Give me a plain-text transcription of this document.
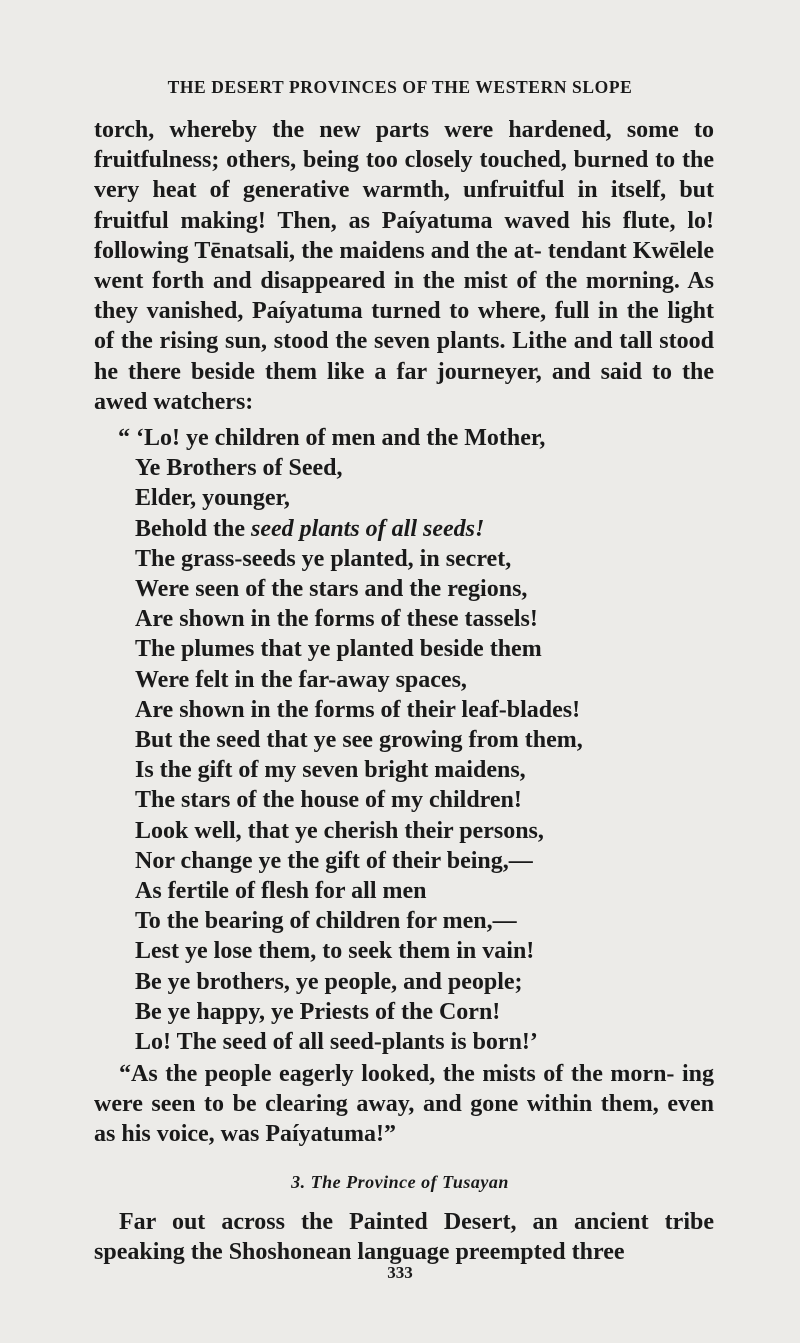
THE DESERT PROVINCES OF THE WESTERN SLOPE

torch, whereby the new parts were hardened, some to fruitfulness; others, being too closely touched, burned to the very heat of generative warmth, unfruitful in itself, but fruitful making! Then, as Paíyatuma waved his flute, lo! following Tēnatsali, the maidens and the at- tendant Kwēlele went forth and disappeared in the mist of the morning. As they vanished, Paíyatuma turned to where, full in the light of the rising sun, stood the seven plants. Lithe and tall stood he there beside them like a far journeyer, and said to the awed watchers:

“ ‘Lo! ye children of men and the Mother,
Ye Brothers of Seed,
Elder, younger,
Behold the seed plants of all seeds!
The grass-seeds ye planted, in secret,
Were seen of the stars and the regions,
Are shown in the forms of these tassels!
The plumes that ye planted beside them
Were felt in the far-away spaces,
Are shown in the forms of their leaf-blades!
But the seed that ye see growing from them,
Is the gift of my seven bright maidens,
The stars of the house of my children!
Look well, that ye cherish their persons,
Nor change ye the gift of their being,—
As fertile of flesh for all men
To the bearing of children for men,—
Lest ye lose them, to seek them in vain!
Be ye brothers, ye people, and people;
Be ye happy, ye Priests of the Corn!
Lo! The seed of all seed-plants is born!’

“As the people eagerly looked, the mists of the morn- ing were seen to be clearing away, and gone within them, even as his voice, was Paíyatuma!”

3. The Province of Tusayan

Far out across the Painted Desert, an ancient tribe speaking the Shoshonean language preempted three

333
